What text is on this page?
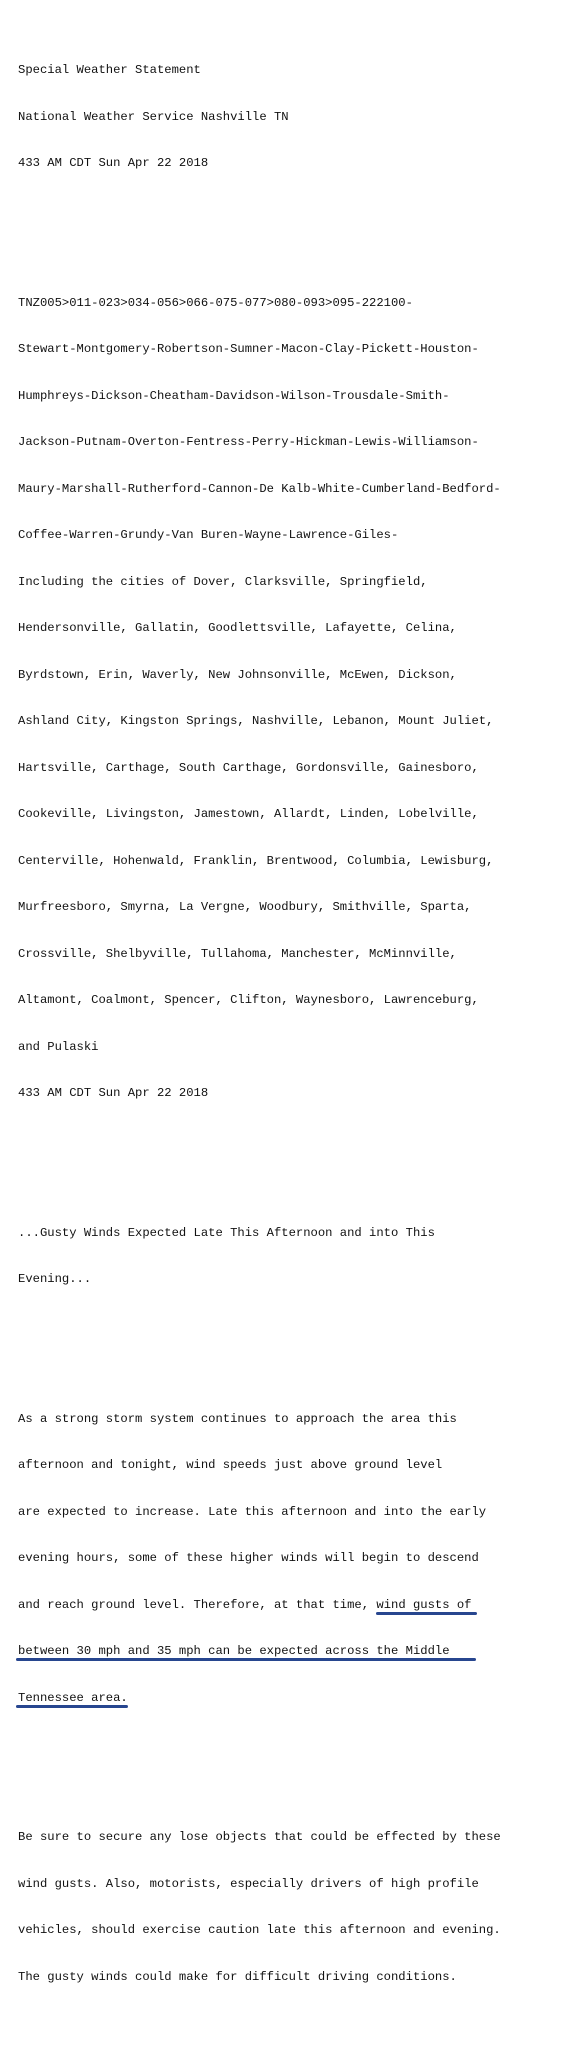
Special Weather Statement

National Weather Service Nashville TN

433 AM CDT Sun Apr 22 2018

TNZ005>011-023>034-056>066-075-077>080-093>095-222100-

Stewart-Montgomery-Robertson-Sumner-Macon-Clay-Pickett-Houston-

Humphreys-Dickson-Cheatham-Davidson-Wilson-Trousdale-Smith-

Jackson-Putnam-Overton-Fentress-Perry-Hickman-Lewis-Williamson-

Maury-Marshall-Rutherford-Cannon-De Kalb-White-Cumberland-Bedford-

Coffee-Warren-Grundy-Van Buren-Wayne-Lawrence-Giles-

Including the cities of Dover, Clarksville, Springfield,

Hendersonville, Gallatin, Goodlettsville, Lafayette, Celina,

Byrdstown, Erin, Waverly, New Johnsonville, McEwen, Dickson,

Ashland City, Kingston Springs, Nashville, Lebanon, Mount Juliet,

Hartsville, Carthage, South Carthage, Gordonsville, Gainesboro,

Cookeville, Livingston, Jamestown, Allardt, Linden, Lobelville,

Centerville, Hohenwald, Franklin, Brentwood, Columbia, Lewisburg,

Murfreesboro, Smyrna, La Vergne, Woodbury, Smithville, Sparta,

Crossville, Shelbyville, Tullahoma, Manchester, McMinnville,

Altamont, Coalmont, Spencer, Clifton, Waynesboro, Lawrenceburg,

and Pulaski

433 AM CDT Sun Apr 22 2018

...Gusty Winds Expected Late This Afternoon and into This

Evening...

As a strong storm system continues to approach the area this

afternoon and tonight, wind speeds just above ground level

are expected to increase. Late this afternoon and into the early

evening hours, some of these higher winds will begin to descend

and reach ground level. Therefore, at that time, wind gusts of

between 30 mph and 35 mph can be expected across the Middle

Tennessee area
.

Be sure to secure any lose objects that could be effected by these

wind gusts. Also, motorists, especially drivers of high profile

vehicles, should exercise caution late this afternoon and evening.

The gusty winds could make for difficult driving conditions.
